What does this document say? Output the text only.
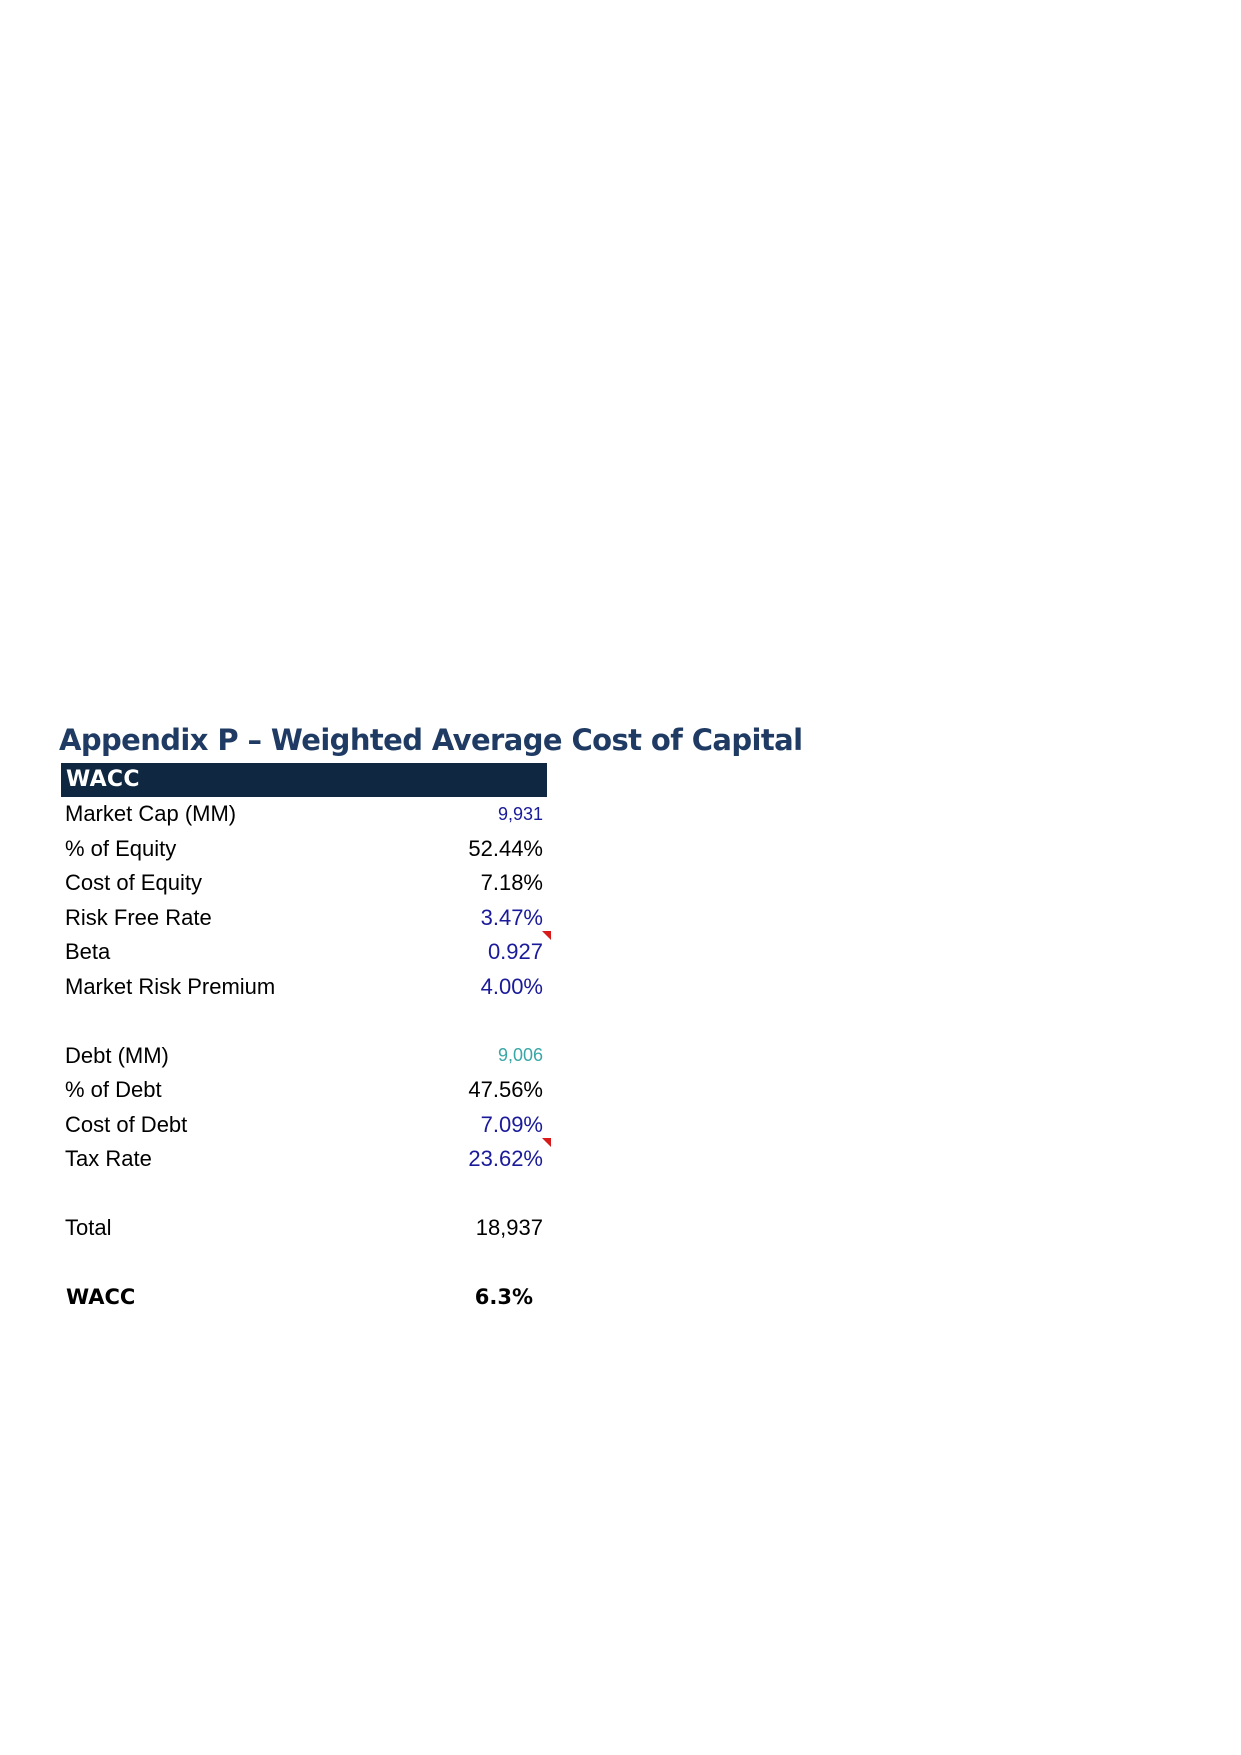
Appendix P – Weighted Average Cost of Capital
WACC
Market Cap (MM)	9,931
% of Equity	52.44%
Cost of Equity	7.18%
Risk Free Rate	3.47%
Beta	0.927
Market Risk Premium	4.00%
Debt (MM)	9,006
% of Debt	47.56%
Cost of Debt	7.09%
Tax Rate	23.62%
Total	18,937
WACC	6.3%
